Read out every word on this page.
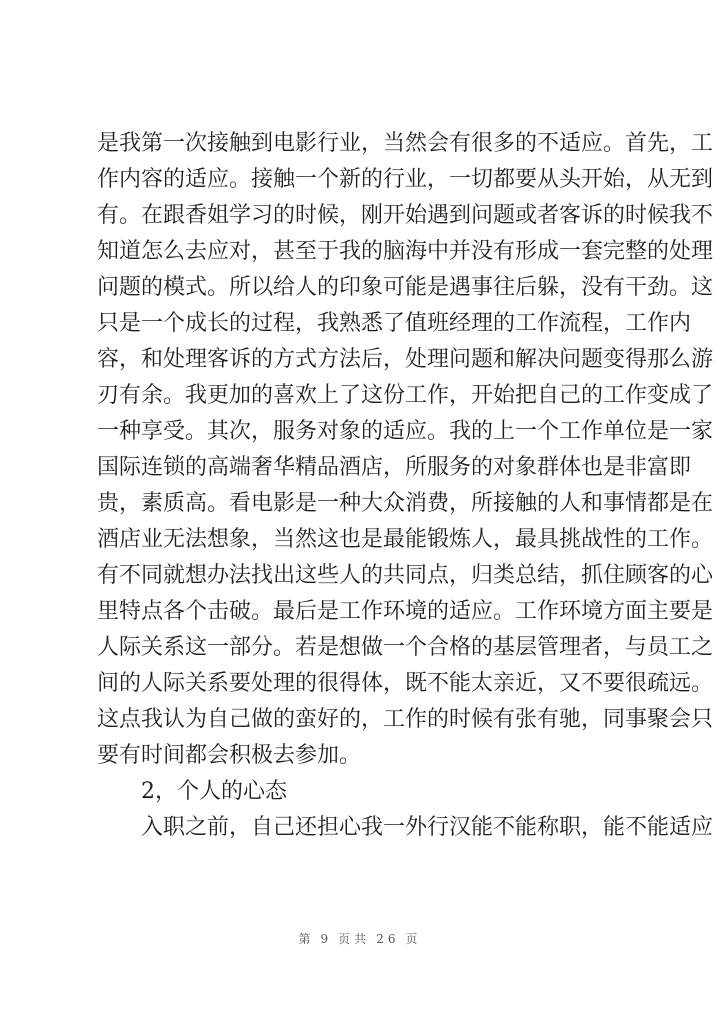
是我第一次接触到电影行业，当然会有很多的不适应。首先，工
作内容的适应。接触一个新的行业，一切都要从头开始，从无到
有。在跟香姐学习的时候，刚开始遇到问题或者客诉的时候我不
知道怎么去应对，甚至于我的脑海中并没有形成一套完整的处理
问题的模式。所以给人的印象可能是遇事往后躲，没有干劲。这
只是一个成长的过程，我熟悉了值班经理的工作流程，工作内
容，和处理客诉的方式方法后，处理问题和解决问题变得那么游
刃有余。我更加的喜欢上了这份工作，开始把自己的工作变成了
一种享受。其次，服务对象的适应。我的上一个工作单位是一家
国际连锁的高端奢华精品酒店，所服务的对象群体也是非富即
贵，素质高。看电影是一种大众消费，所接触的人和事情都是在
酒店业无法想象，当然这也是最能锻炼人，最具挑战性的工作。
有不同就想办法找出这些人的共同点，归类总结，抓住顾客的心
里特点各个击破。最后是工作环境的适应。工作环境方面主要是
人际关系这一部分。若是想做一个合格的基层管理者，与员工之
间的人际关系要处理的很得体，既不能太亲近，又不要很疏远。
这点我认为自己做的蛮好的，工作的时候有张有驰，同事聚会只
要有时间都会积极去参加。
2，个人的心态
入职之前，自己还担心我一外行汉能不能称职，能不能适应
第 9 页共 26 页
